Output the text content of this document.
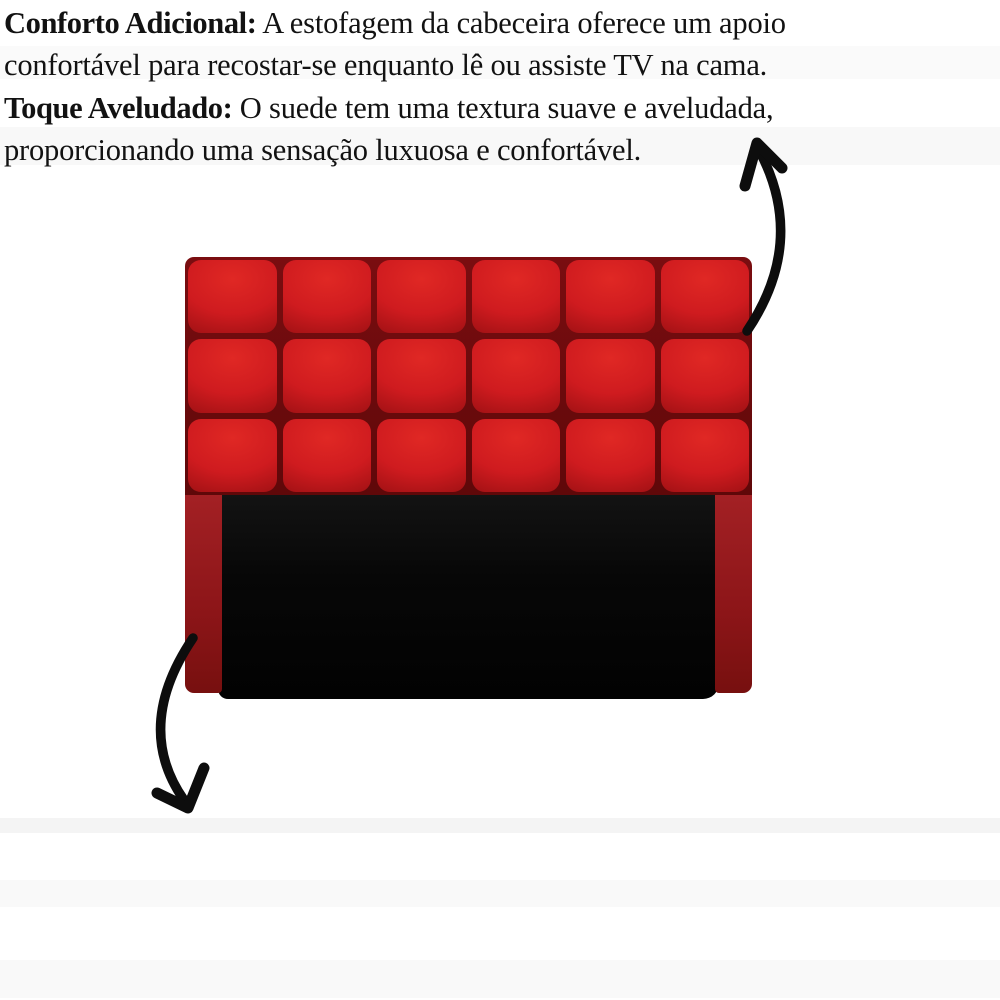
Conforto Adicional: A estofagem da cabeceira oferece um apoio
confortável para recostar-se enquanto lê ou assiste TV na cama.
Toque Aveludado: O suede tem uma textura suave e aveludada,
proporcionando uma sensação luxuosa e confortável.
